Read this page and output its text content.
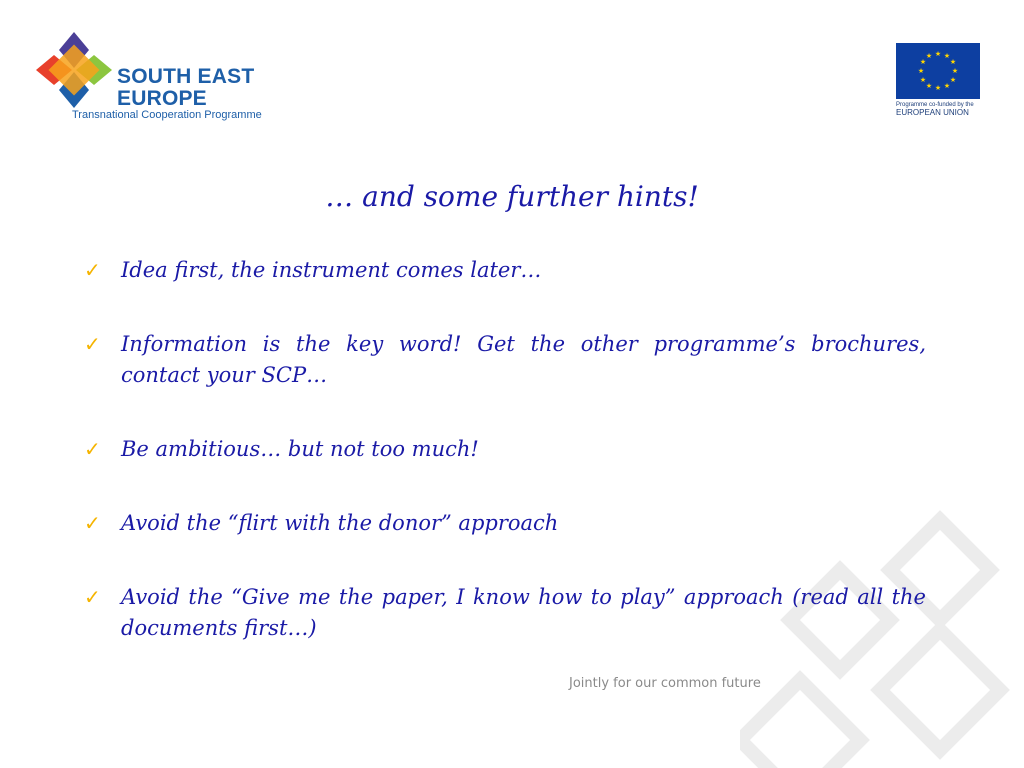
SOUTH EAST
EUROPE
Transnational Cooperation Programme
★ ★
★
★
★
★
★
★
★
★
★
★
Programme co-funded by the
EUROPEAN UNION
… and some further hints!
✓ Idea first, the instrument comes later…
✓ Information is the key word! Get the other programme’s brochures, contact your SCP…
✓ Be ambitious… but not too much!
✓ Avoid the “flirt with the donor” approach
✓ Avoid the “Give me the paper, I know how to play” approach (read all the documents first…)
Jointly for our common future
